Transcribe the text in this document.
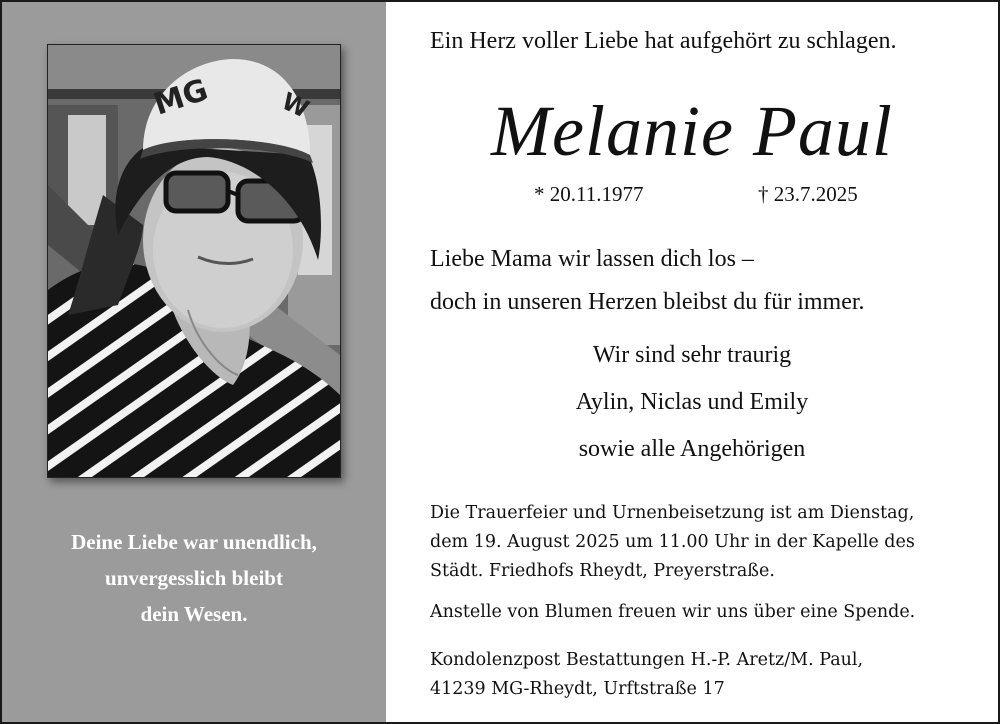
MG	W
Deine Liebe war unendlich,
unvergesslich bleibt
dein Wesen.
Ein Herz voller Liebe hat aufgehört zu schlagen.
Melanie Paul
* 20.11.1977	† 23.7.2025
Liebe Mama wir lassen dich los –
doch in unseren Herzen bleibst du für immer.
Wir sind sehr traurig
Aylin, Niclas und Emily
sowie alle Angehörigen
Die Trauerfeier und Urnenbeisetzung ist am Dienstag,
dem 19. August 2025 um 11.00 Uhr in der Kapelle des
Städt. Friedhofs Rheydt, Preyerstraße.
Anstelle von Blumen freuen wir uns über eine Spende.
Kondolenzpost Bestattungen H.-P. Aretz/M. Paul,
41239 MG-Rheydt, Urftstraße 17
